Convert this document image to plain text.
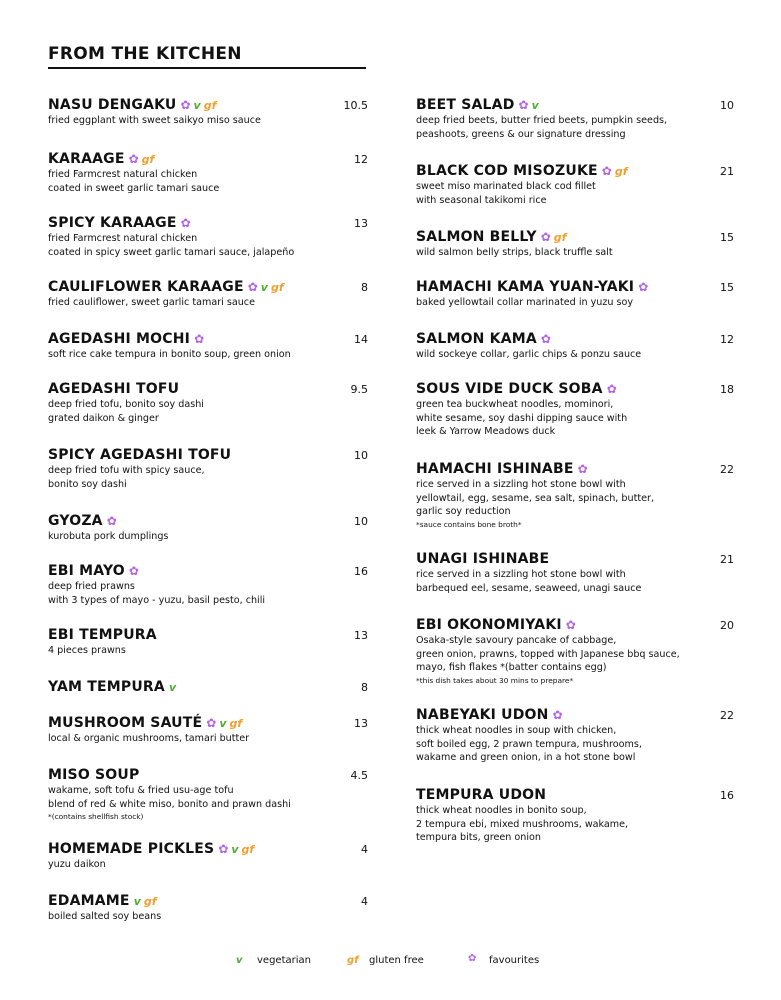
FROM THE KITCHEN
NASU DENGAKU ✿ v gf	10.5
fried eggplant with sweet saikyo miso sauce
KARAAGE ✿ gf	12
fried Farmcrest natural chicken
coated in sweet garlic tamari sauce
SPICY KARAAGE ✿	13
fried Farmcrest natural chicken
coated in spicy sweet garlic tamari sauce, jalapeño
CAULIFLOWER KARAAGE ✿ v gf	8
fried cauliflower, sweet garlic tamari sauce
AGEDASHI MOCHI ✿	14
soft rice cake tempura in bonito soup, green onion
AGEDASHI TOFU	9.5
deep fried tofu, bonito soy dashi
grated daikon & ginger
SPICY AGEDASHI TOFU	10
deep fried tofu with spicy sauce,
bonito soy dashi
GYOZA ✿	10
kurobuta pork dumplings
EBI MAYO ✿	16
deep fried prawns
with 3 types of mayo - yuzu, basil pesto, chili
EBI TEMPURA	13
4 pieces prawns
YAM TEMPURA v	8
MUSHROOM SAUTÉ ✿ v gf	13
local & organic mushrooms, tamari butter
MISO SOUP	4.5
wakame, soft tofu & fried usu-age tofu
blend of red & white miso, bonito and prawn dashi
*(contains shellfish stock)
HOMEMADE PICKLES ✿ v gf	4
yuzu daikon
EDAMAME v gf	4
boiled salted soy beans
BEET SALAD ✿ v	10
deep fried beets, butter fried beets, pumpkin seeds,
peashoots, greens & our signature dressing
BLACK COD MISOZUKE ✿ gf	21
sweet miso marinated black cod fillet
with seasonal takikomi rice
SALMON BELLY ✿ gf	15
wild salmon belly strips, black truffle salt
HAMACHI KAMA YUAN-YAKI ✿	15
baked yellowtail collar marinated in yuzu soy
SALMON KAMA ✿	12
wild sockeye collar, garlic chips & ponzu sauce
SOUS VIDE DUCK SOBA ✿	18
green tea buckwheat noodles, mominori,
white sesame, soy dashi dipping sauce with
leek & Yarrow Meadows duck
HAMACHI ISHINABE ✿	22
rice served in a sizzling hot stone bowl with
yellowtail, egg, sesame, sea salt, spinach, butter,
garlic soy reduction
*sauce contains bone broth*
UNAGI ISHINABE	21
rice served in a sizzling hot stone bowl with
barbequed eel, sesame, seaweed, unagi sauce
EBI OKONOMIYAKI ✿	20
Osaka-style savoury pancake of cabbage,
green onion, prawns, topped with Japanese bbq sauce,
mayo, fish flakes *(batter contains egg)
*this dish takes about 30 mins to prepare*
NABEYAKI UDON ✿	22
thick wheat noodles in soup with chicken,
soft boiled egg, 2 prawn tempura, mushrooms,
wakame and green onion, in a hot stone bowl
TEMPURA UDON	16
thick wheat noodles in bonito soup,
2 tempura ebi, mixed mushrooms, wakame,
tempura bits, green onion
v vegetarian	gf gluten free	✿ favourites
